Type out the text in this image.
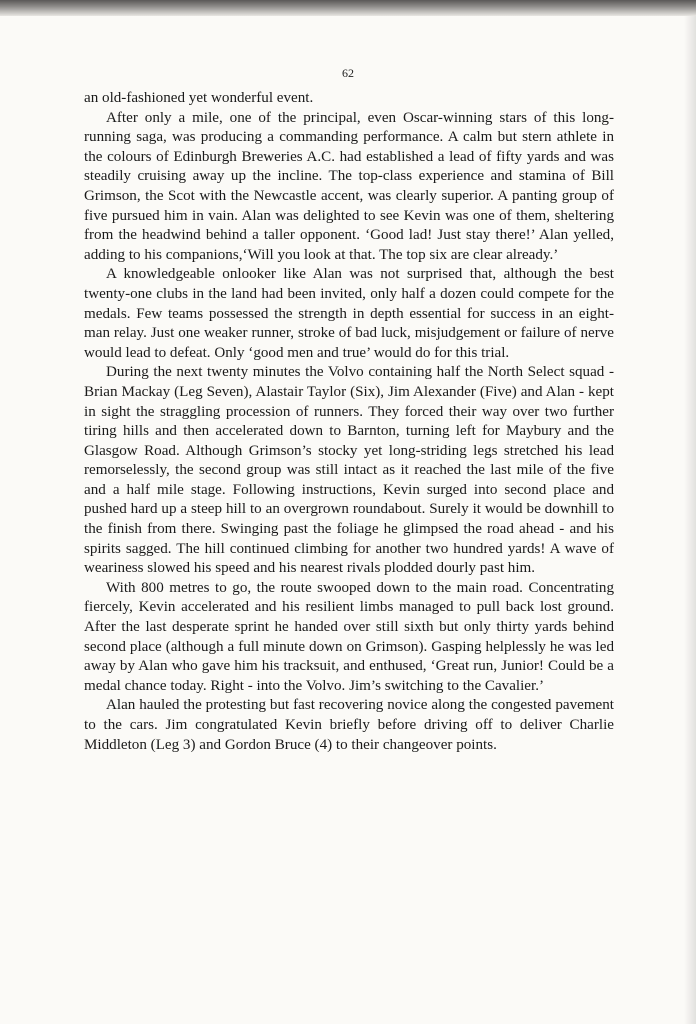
62

an old-fashioned yet wonderful event.

After only a mile, one of the principal, even Oscar-winning stars of this long-running saga, was producing a commanding performance. A calm but stern athlete in the colours of Edinburgh Breweries A.C. had established a lead of fifty yards and was steadily cruising away up the incline. The top-class experience and stamina of Bill Grimson, the Scot with the Newcastle accent, was clearly superior. A panting group of five pursued him in vain. Alan was delighted to see Kevin was one of them, sheltering from the headwind behind a taller opponent. ‘Good lad! Just stay there!’ Alan yelled, adding to his companions,‘Will you look at that. The top six are clear already.’

A knowledgeable onlooker like Alan was not surprised that, although the best twenty-one clubs in the land had been invited, only half a dozen could compete for the medals. Few teams possessed the strength in depth essential for success in an eight-man relay. Just one weaker runner, stroke of bad luck, misjudgement or failure of nerve would lead to defeat. Only ‘good men and true’ would do for this trial.

During the next twenty minutes the Volvo containing half the North Select squad - Brian Mackay (Leg Seven), Alastair Taylor (Six), Jim Alexander (Five) and Alan - kept in sight the straggling procession of runners. They forced their way over two further tiring hills and then accelerated down to Barnton, turning left for Maybury and the Glasgow Road. Although Grimson’s stocky yet long-striding legs stretched his lead remorselessly, the second group was still intact as it reached the last mile of the five and a half mile stage. Following instructions, Kevin surged into second place and pushed hard up a steep hill to an overgrown roundabout. Surely it would be downhill to the finish from there. Swinging past the foliage he glimpsed the road ahead - and his spirits sagged. The hill continued climbing for another two hundred yards! A wave of weariness slowed his speed and his nearest rivals plodded dourly past him.

With 800 metres to go, the route swooped down to the main road. Concentrating fiercely, Kevin accelerated and his resilient limbs managed to pull back lost ground. After the last desperate sprint he handed over still sixth but only thirty yards behind second place (although a full minute down on Grimson). Gasping helplessly he was led away by Alan who gave him his tracksuit, and enthused, ‘Great run, Junior! Could be a medal chance today. Right - into the Volvo. Jim’s switching to the Cavalier.’

Alan hauled the protesting but fast recovering novice along the congested pavement to the cars. Jim congratulated Kevin briefly before driving off to deliver Charlie Middleton (Leg 3) and Gordon Bruce (4) to their changeover points.
